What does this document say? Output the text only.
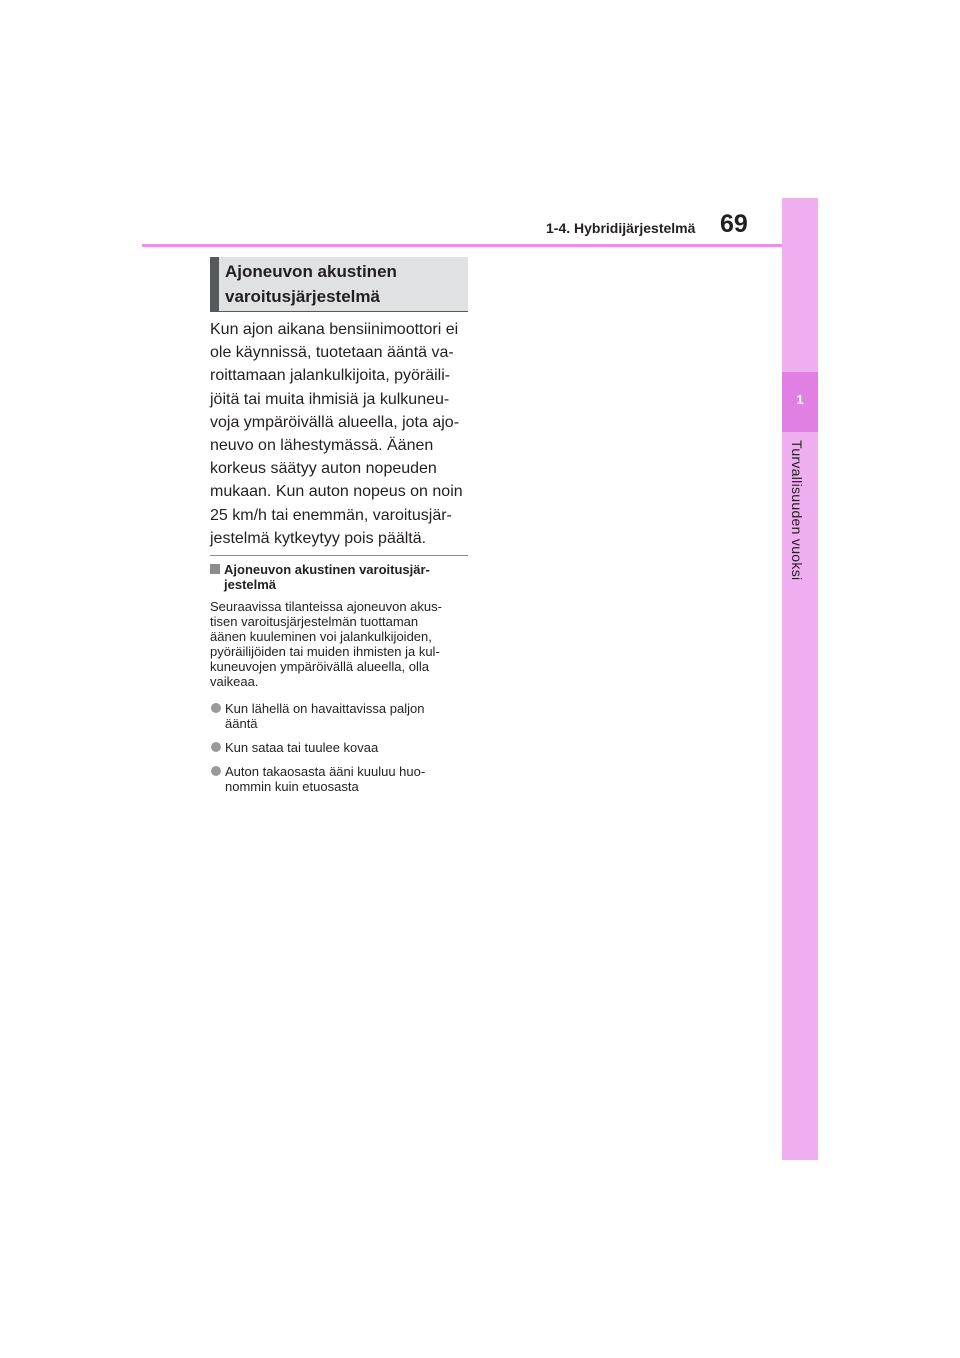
1
Turvallisuuden vuoksi
1-4. Hybridijärjestelmä 69
Ajoneuvon akustinen
varoitusjärjestelmä
Kun ajon aikana bensiinimoottori ei
ole käynnissä, tuotetaan ääntä va-
roittamaan jalankulkijoita, pyöräili-
jöitä tai muita ihmisiä ja kulkuneu-
voja ympäröivällä alueella, jota ajo-
neuvo on lähestymässä. Äänen
korkeus säätyy auton nopeuden
mukaan. Kun auton nopeus on noin
25 km/h tai enemmän, varoitusjär-
jestelmä kytkeytyy pois päältä.
Ajoneuvon akustinen varoitusjär-
jestelmä
Seuraavissa tilanteissa ajoneuvon akus-
tisen varoitusjärjestelmän tuottaman
äänen kuuleminen voi jalankulkijoiden,
pyöräilijöiden tai muiden ihmisten ja kul-
kuneuvojen ympäröivällä alueella, olla
vaikeaa.
Kun lähellä on havaittavissa paljon
ääntä
Kun sataa tai tuulee kovaa
Auton takaosasta ääni kuuluu huo-
nommin kuin etuosasta
